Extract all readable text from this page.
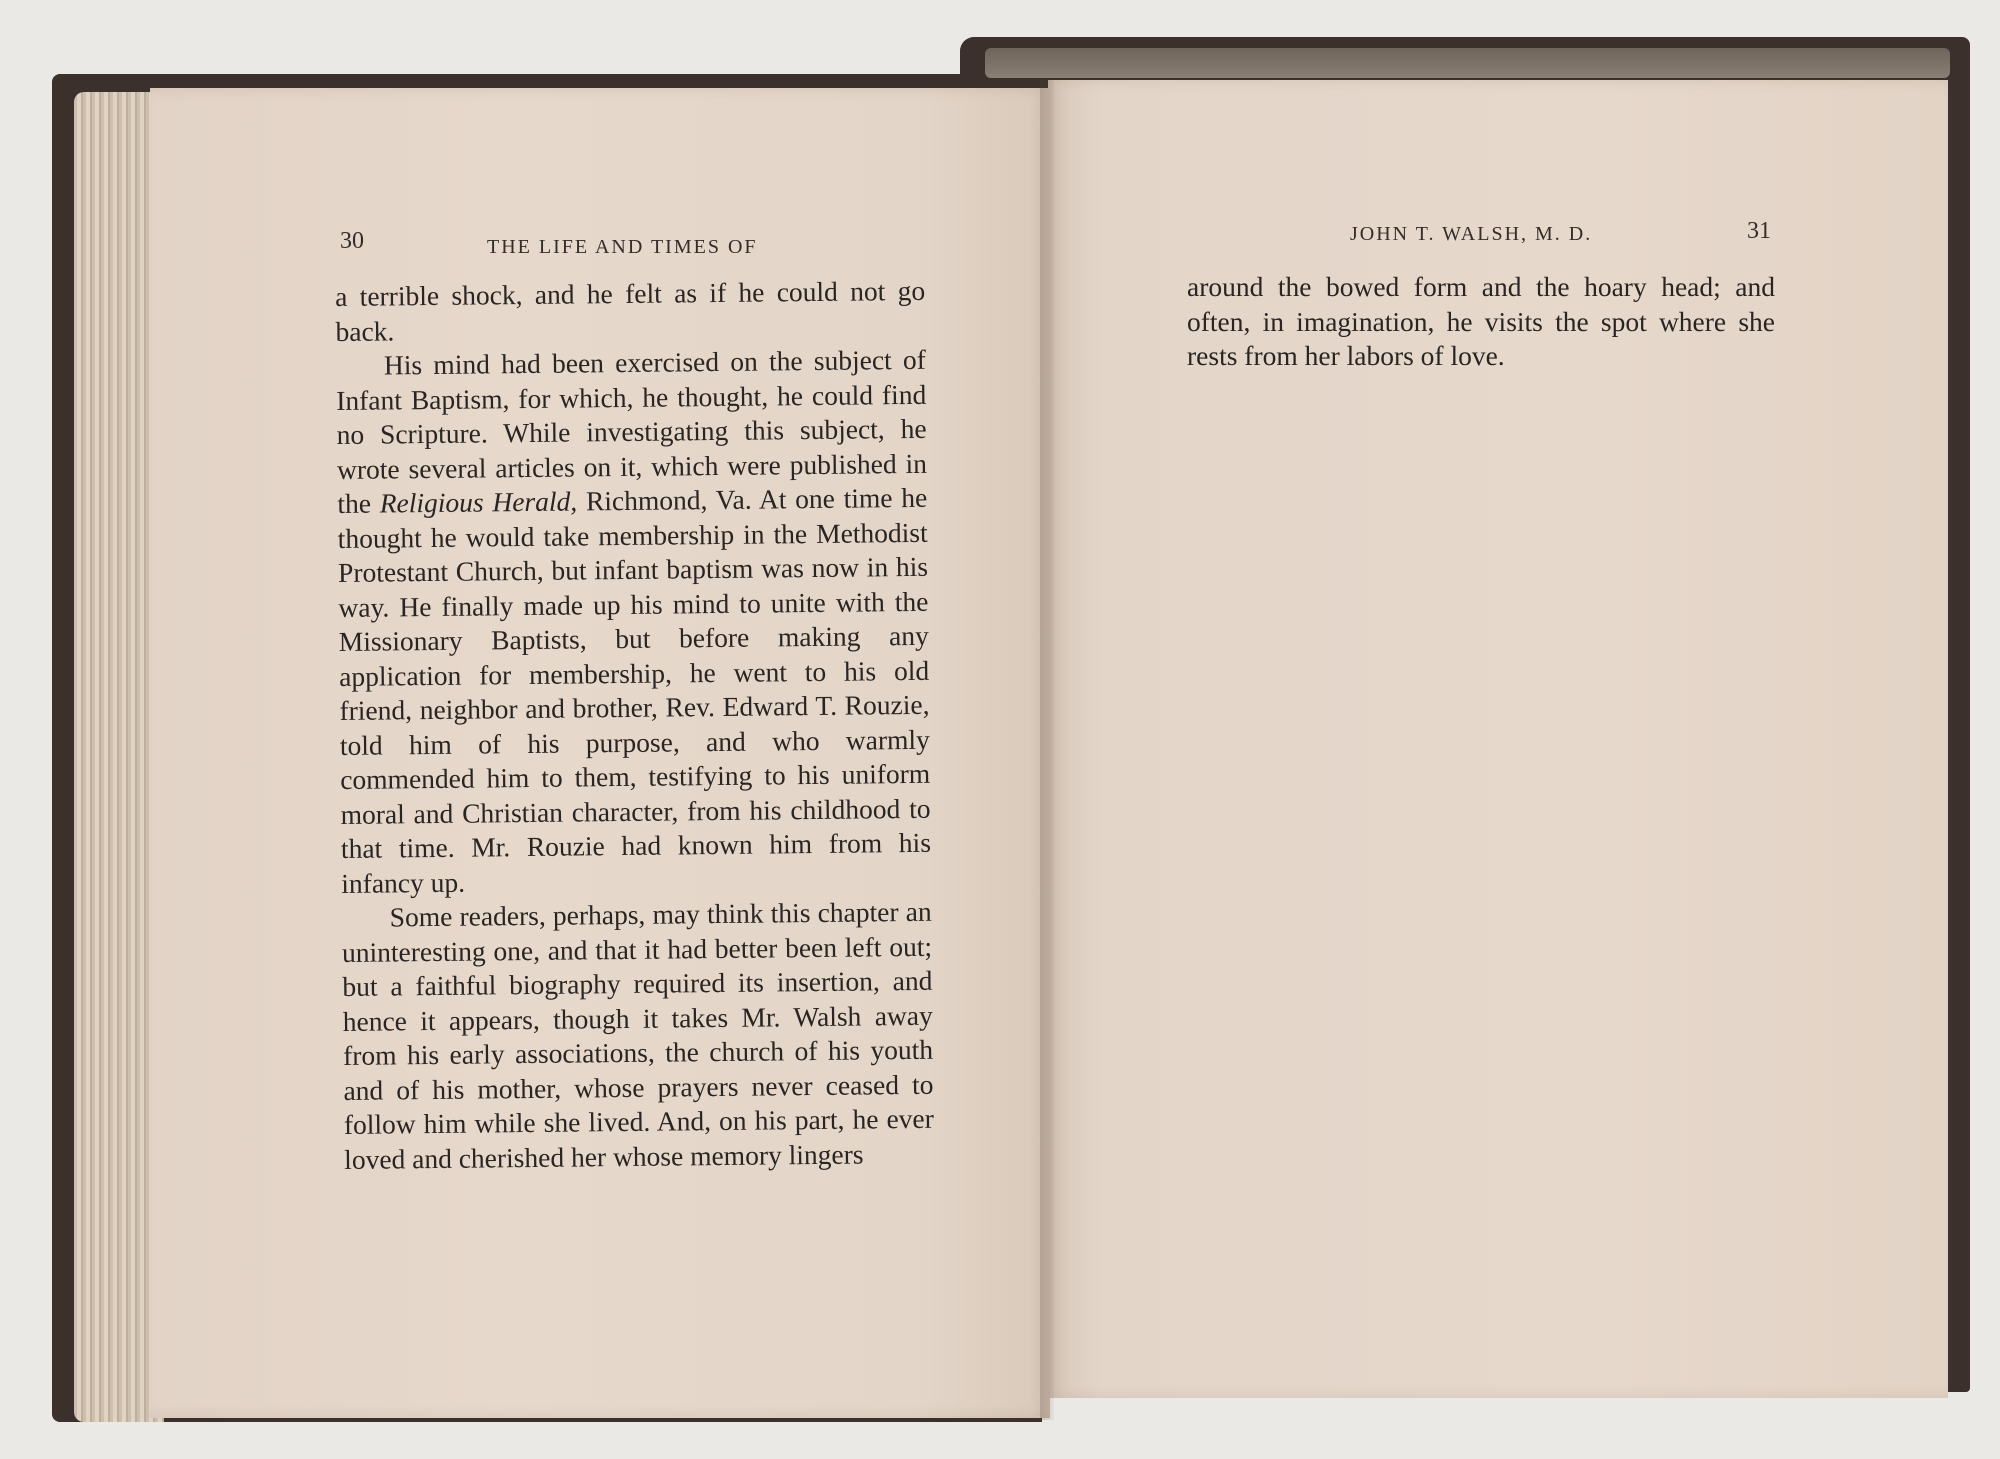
30	THE LIFE AND TIMES OF
JOHN T. WALSH, M. D.	31

a terrible shock, and he felt as if he could not go back.

His mind had been exercised on the subject of Infant Baptism, for which, he thought, he could find no Scripture. While investigating this subject, he wrote several articles on it, which were published in the Religious Herald, Richmond, Va. At one time he thought he would take membership in the Methodist Protestant Church, but infant baptism was now in his way. He finally made up his mind to unite with the Missionary Baptists, but before making any application for membership, he went to his old friend, neighbor and brother, Rev. Edward T. Rouzie, told him of his purpose, and who warmly commended him to them, testifying to his uniform moral and Christian character, from his childhood to that time. Mr. Rouzie had known him from his infancy up.

Some readers, perhaps, may think this chapter an uninteresting one, and that it had better been left out; but a faithful biography required its insertion, and hence it appears, though it takes Mr. Walsh away from his early associations, the church of his youth and of his mother, whose prayers never ceased to follow him while she lived. And, on his part, he ever loved and cherished her whose memory lingers

around the bowed form and the hoary head; and often, in imagination, he visits the spot where she rests from her labors of love.
